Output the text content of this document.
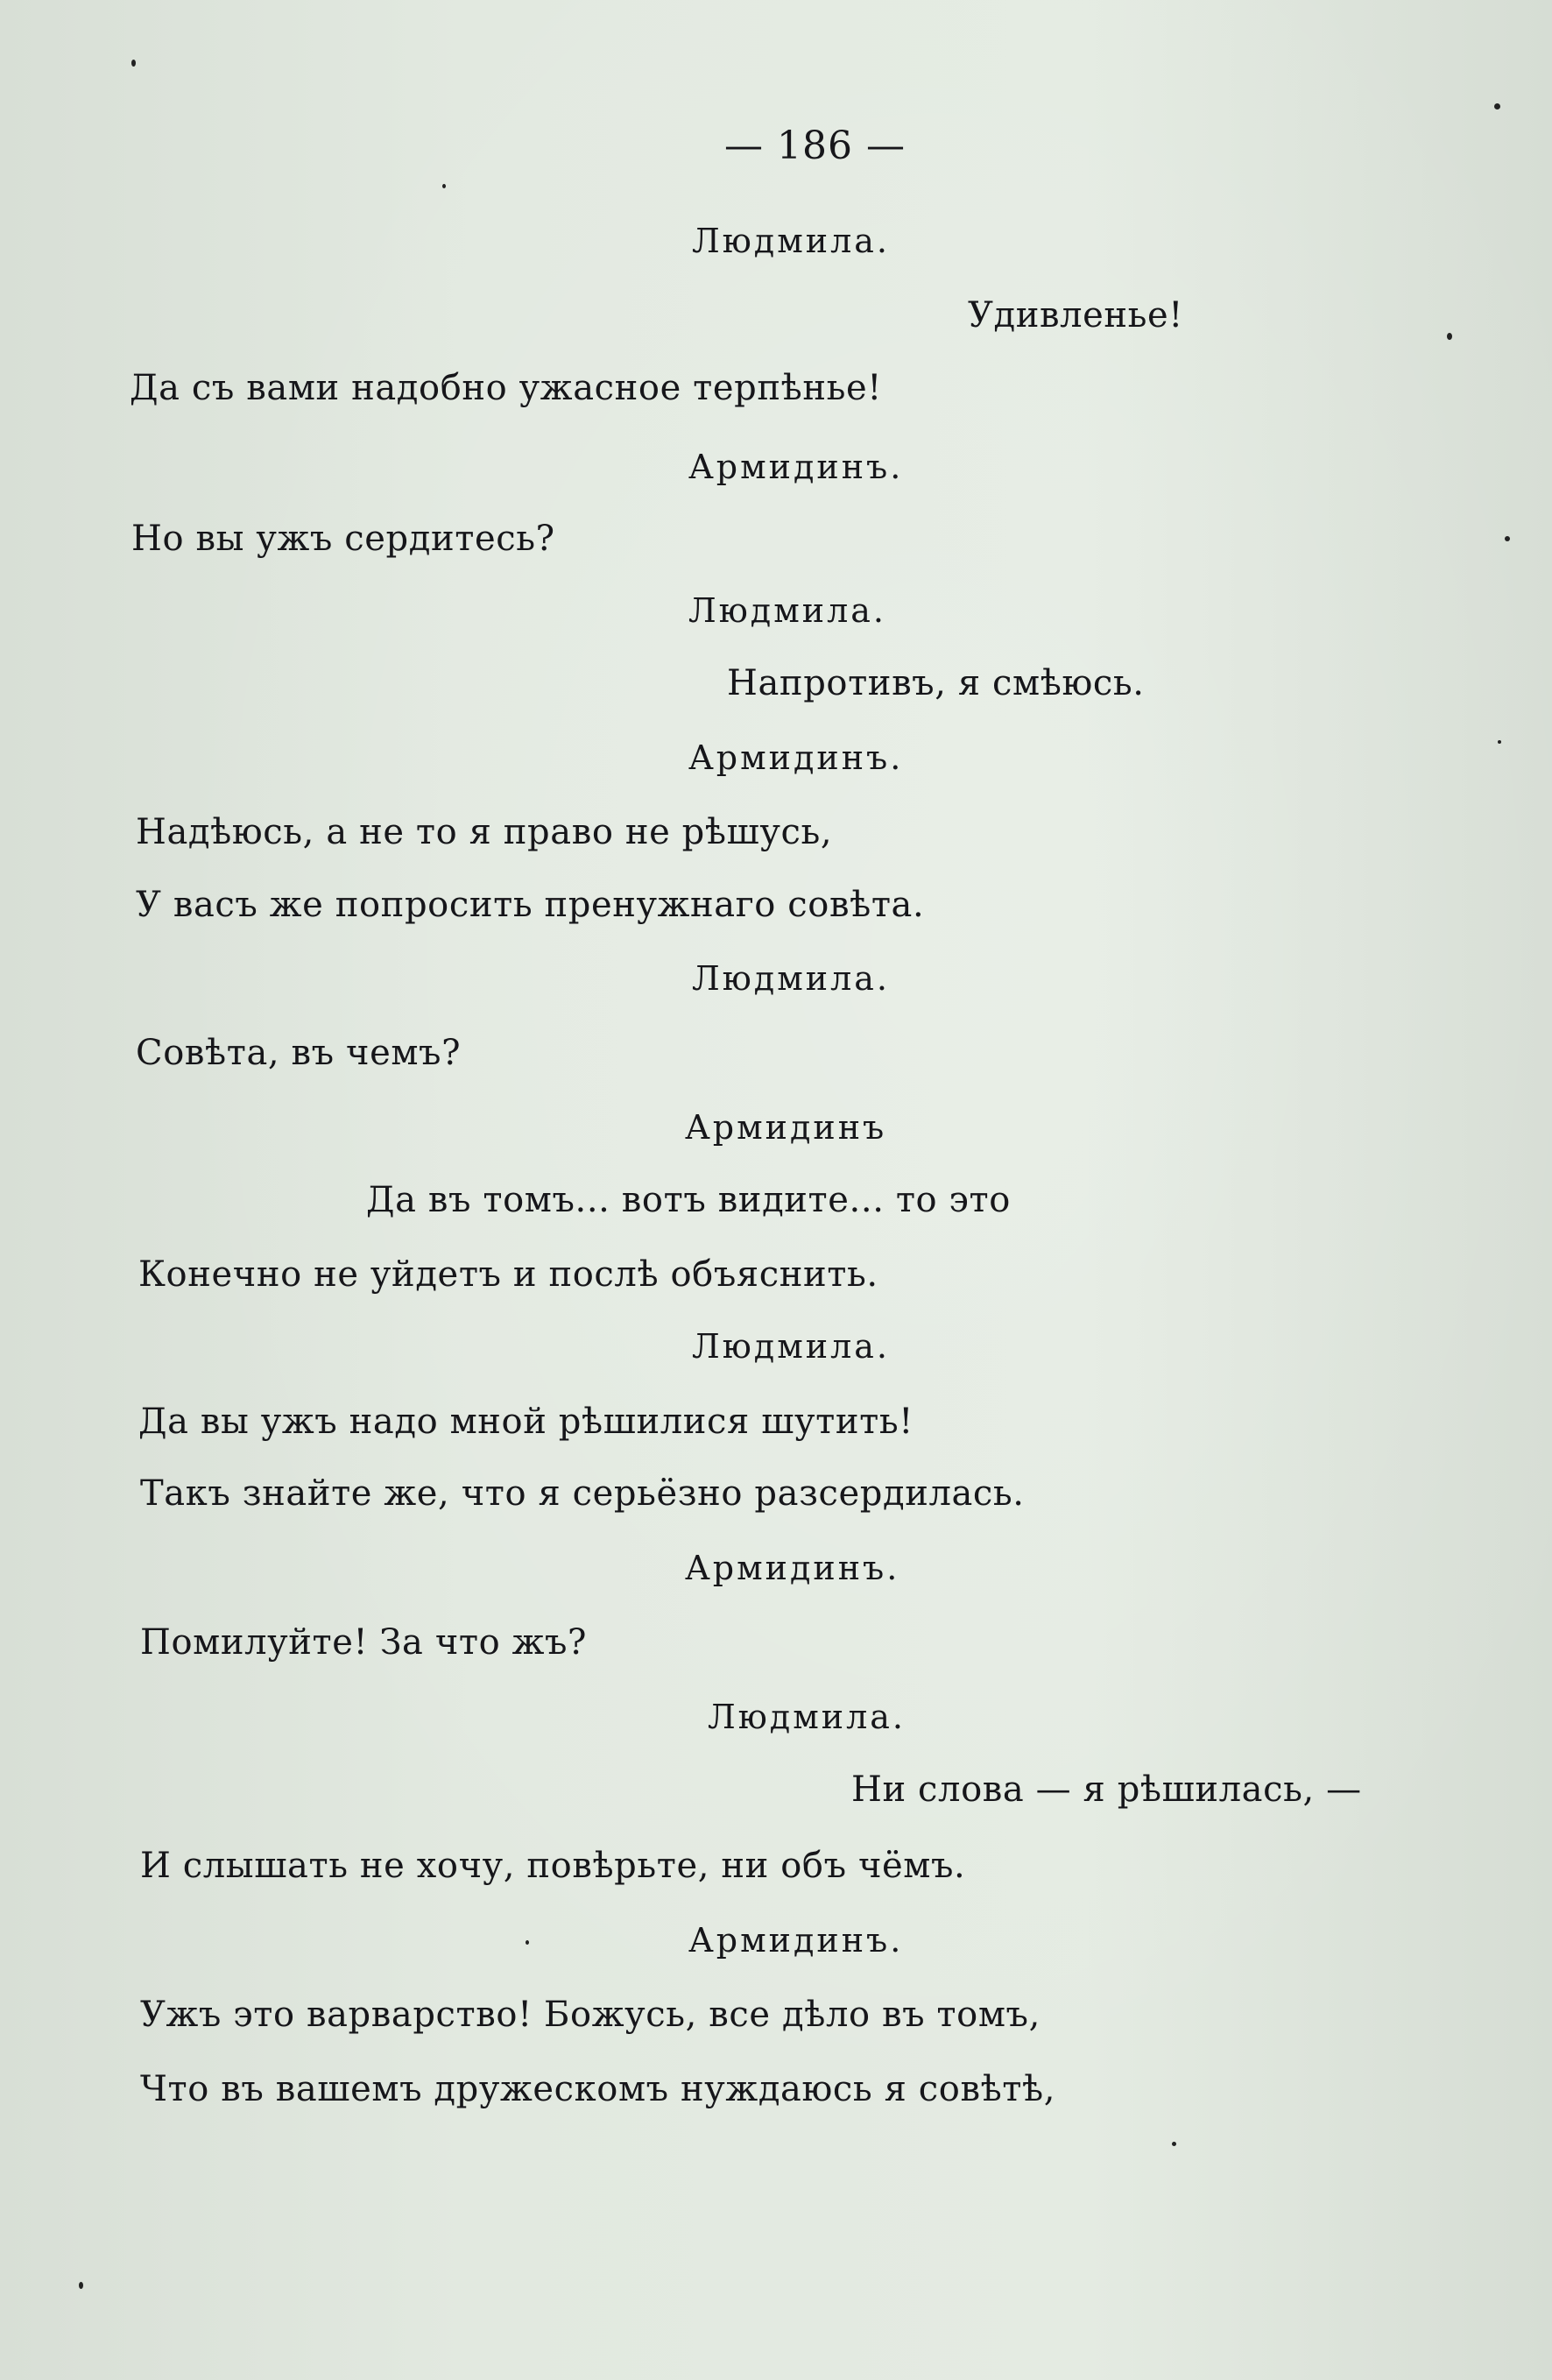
— 186 —
Людмила.
Удивленье!
Да съ вами надобно ужасное терпѣнье!
Армидинъ.
Но вы ужъ сердитесь?
Людмила.
Напротивъ, я смѣюсь.
Армидинъ.
Надѣюсь, а не то я право не рѣшусь,
У васъ же попросить пренужнаго совѣта.
Людмила.
Совѣта, въ чемъ?
Армидинъ
Да въ томъ... вотъ видите... то это
Конечно не уйдетъ и послѣ объяснить.
Людмила.
Да вы ужъ надо мной рѣшилися шутить!
Такъ знайте же, что я серьёзно разсердилась.
Армидинъ.
Помилуйте! За что жъ?
Людмила.
Ни слова — я рѣшилась, —
И слышать не хочу, повѣрьте, ни объ чёмъ.
Армидинъ.
Ужъ это варварство! Божусь, все дѣло въ томъ,
Что въ вашемъ дружескомъ нуждаюсь я совѣтѣ,
